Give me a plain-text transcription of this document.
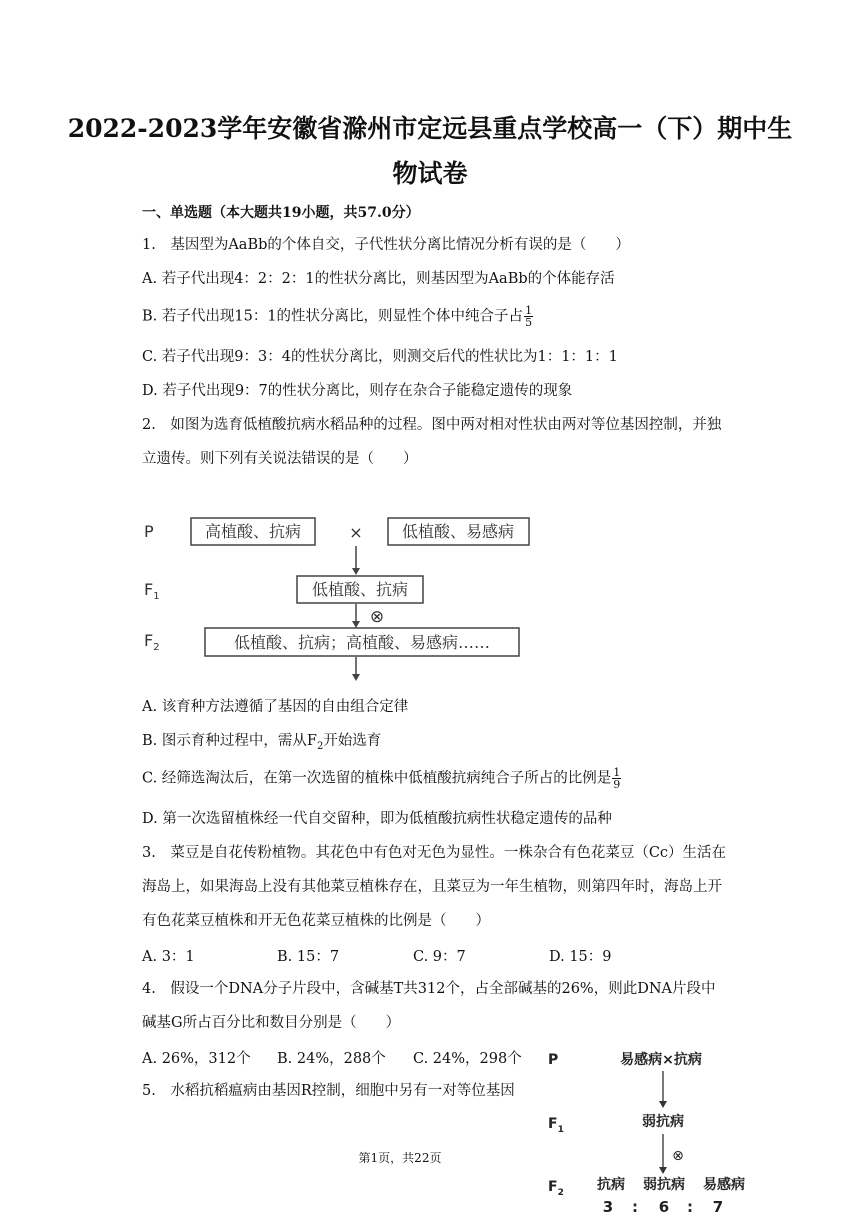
2022-2023学年安徽省滁州市定远县重点学校高一（下）期中生
物试卷
一、单选题（本大题共19小题，共57.0分）
1.　基因型为AaBb的个体自交，子代性状分离比情况分析有误的是（　　）
A. 若子代出现4：2：2：1的性状分离比，则基因型为AaBb的个体能存活
B. 若子代出现15：1的性状分离比，则显性个体中纯合子占 $\frac{1}{5}$
C. 若子代出现9：3：4的性状分离比，则测交后代的性状比为1：1：1：1
D. 若子代出现9：7的性状分离比，则存在杂合子能稳定遗传的现象
2.　如图为选育低植酸抗病水稻品种的过程。图中两对相对性状由两对等位基因控制，并独
立遗传。则下列有关说法错误的是（　　）
P
$F_1$
$F_2$
高植酸、抗病	× 低植酸、易感病
低植酸、抗病
⊗
低植酸、抗病；高植酸、易感病……
P	易感病×抗病
$F_1$	弱抗病
$F_2$ 抗病 弱抗病 易感病
3 : 6 : 7
⊗
A. 该育种方法遵循了基因的自由组合定律
B. 图示育种过程中，需从$F_2$开始选育
C. 经筛选淘汰后，在第一次选留的植株中低植酸抗病纯合子所占的比例是 $\frac{1}{9}$
D. 第一次选留植株经一代自交留种，即为低植酸抗病性状稳定遗传的品种
3.　菜豆是自花传粉植物。其花色中有色对无色为显性。一株杂合有色花菜豆（Cc）生活在
海岛上，如果海岛上没有其他菜豆植株存在，且菜豆为一年生植物，则第四年时，海岛上开
有色花菜豆植株和开无色花菜豆植株的比例是（　　）
A. 3：1	B. 15：7	C. 9：7	D. 15：9
4.　假设一个DNA分子片段中，含碱基T共312个，占全部碱基的26%，则此DNA片段中
碱基G所占百分比和数目分别是（　　）
A. 26%，312个 B. 24%，288个 C. 24%，298个
5.　水稻抗稻瘟病由基因R控制，细胞中另有一对等位基因
第1页，共22页
